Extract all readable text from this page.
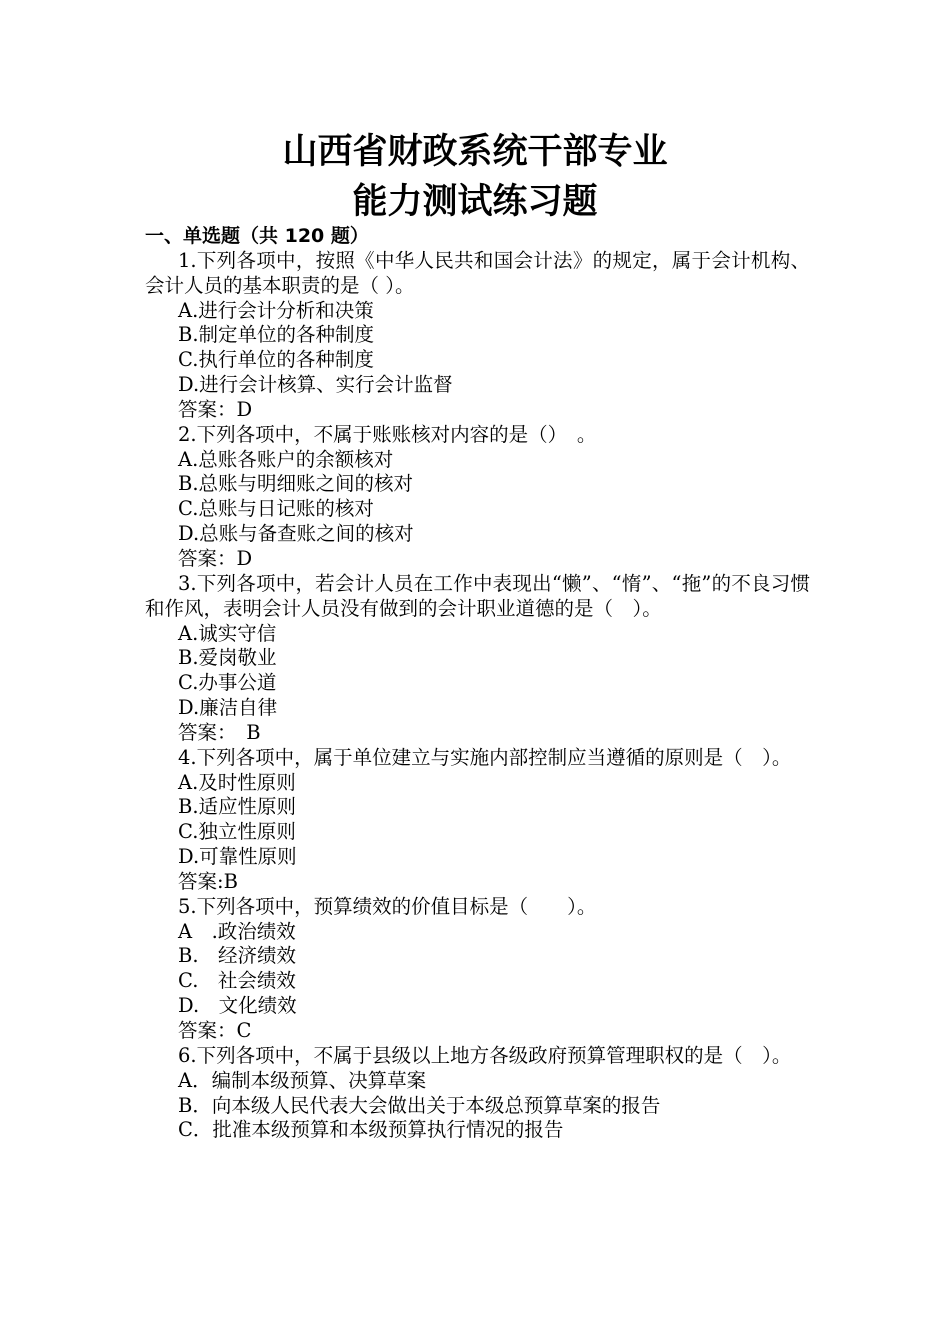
山西省财政系统干部专业

能力测试练习题

一、单选题（共 120 题）
1.下列各项中，按照《中华人民共和国会计法》的规定，属于会计机构、会计人员的基本职责的是（ ）。
A.进行会计分析和决策
B.制定单位的各种制度
C.执行单位的各种制度
D.进行会计核算、实行会计监督
答案：D
2.下列各项中，不属于账账核对内容的是（）　。
A.总账各账户的余额核对
B.总账与明细账之间的核对
C.总账与日记账的核对
D.总账与备查账之间的核对
答案：D
3.下列各项中，若会计人员在工作中表现出“懒”、“惰”、“拖”的不良习惯和作风，表明会计人员没有做到的会计职业道德的是（　）。
A.诚实守信
B.爱岗敬业
C.办事公道
D.廉洁自律
答案：　B
4.下列各项中，属于单位建立与实施内部控制应当遵循的原则是（　）。
A.及时性原则
B.适应性原则
C.独立性原则
D.可靠性原则
答案:B
5.下列各项中，预算绩效的价值目标是（　　）。
A　.政治绩效
B.　经济绩效
C.　社会绩效
D.　文化绩效
答案：C
6.下列各项中，不属于县级以上地方各级政府预算管理职权的是（　）。
A．编制本级预算、决算草案
B．向本级人民代表大会做出关于本级总预算草案的报告
C．批准本级预算和本级预算执行情况的报告
